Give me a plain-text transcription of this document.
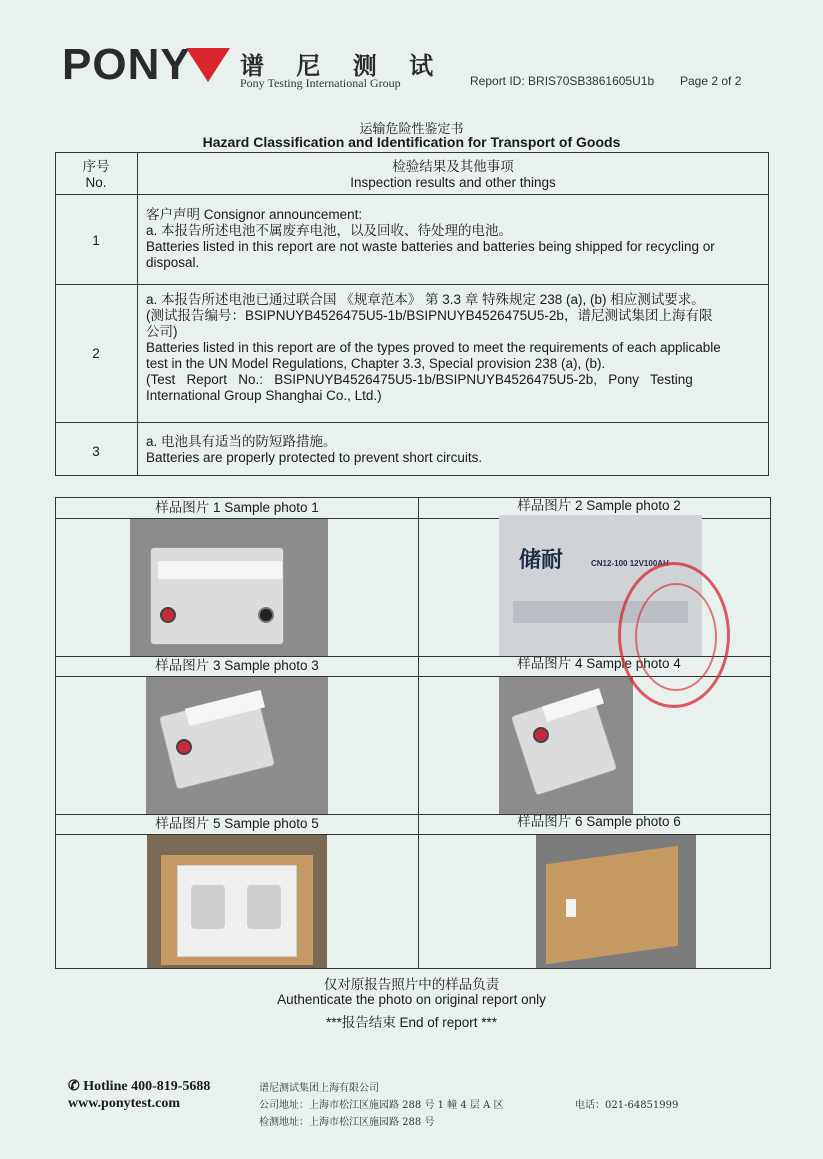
PONY 谱 尼 测 试
Pony Testing International Group	Report ID: BRIS70SB3861605U1b Page 2 of 2
运输危险性鉴定书
Hazard Classification and Identification for Transport of Goods
序号
No.
检验结果及其他事项
Inspection results and other things
1
客户声明 Consignor announcement:
a. 本报告所述电池不属废弃电池，以及回收、待处理的电池。
Batteries listed in this report are not waste batteries and batteries being shipped for recycling or
disposal.
2
a. 本报告所述电池已通过联合国 《规章范本》 第 3.3 章 特殊规定 238 (a), (b) 相应测试要求。
(测试报告编号：BSIPNUYB4526475U5-1b/BSIPNUYB4526475U5-2b，谱尼测试集团上海有限
公司)
Batteries listed in this report are of the types proved to meet the requirements of each applicable
test in the UN Model Regulations, Chapter 3.3, Special provision 238 (a), (b).
(Test   Report   No.:   BSIPNUYB4526475U5-1b/BSIPNUYB4526475U5-2b,   Pony   Testing
International Group Shanghai Co., Ltd.)
3
a. 电池具有适当的防短路措施。
Batteries are properly protected to prevent short circuits.
样品图片 1 Sample photo 1	样品图片 2 Sample photo 2
样品图片 3 Sample photo 3	样品图片 4 Sample photo 4
样品图片 5 Sample photo 5	样品图片 6 Sample photo 6
储耐	CN12-100 12V100AH
仅对原报告照片中的样品负责
Authenticate the photo on original report only
***报告结束 End of report ***
✆ Hotline 400-819-5688
www.ponytest.com
谱尼测试集团上海有限公司
公司地址：上海市松江区施园路 288 号 1 幢 4 层 A 区
检测地址：上海市松江区施园路 288 号
电话：021-64851999
